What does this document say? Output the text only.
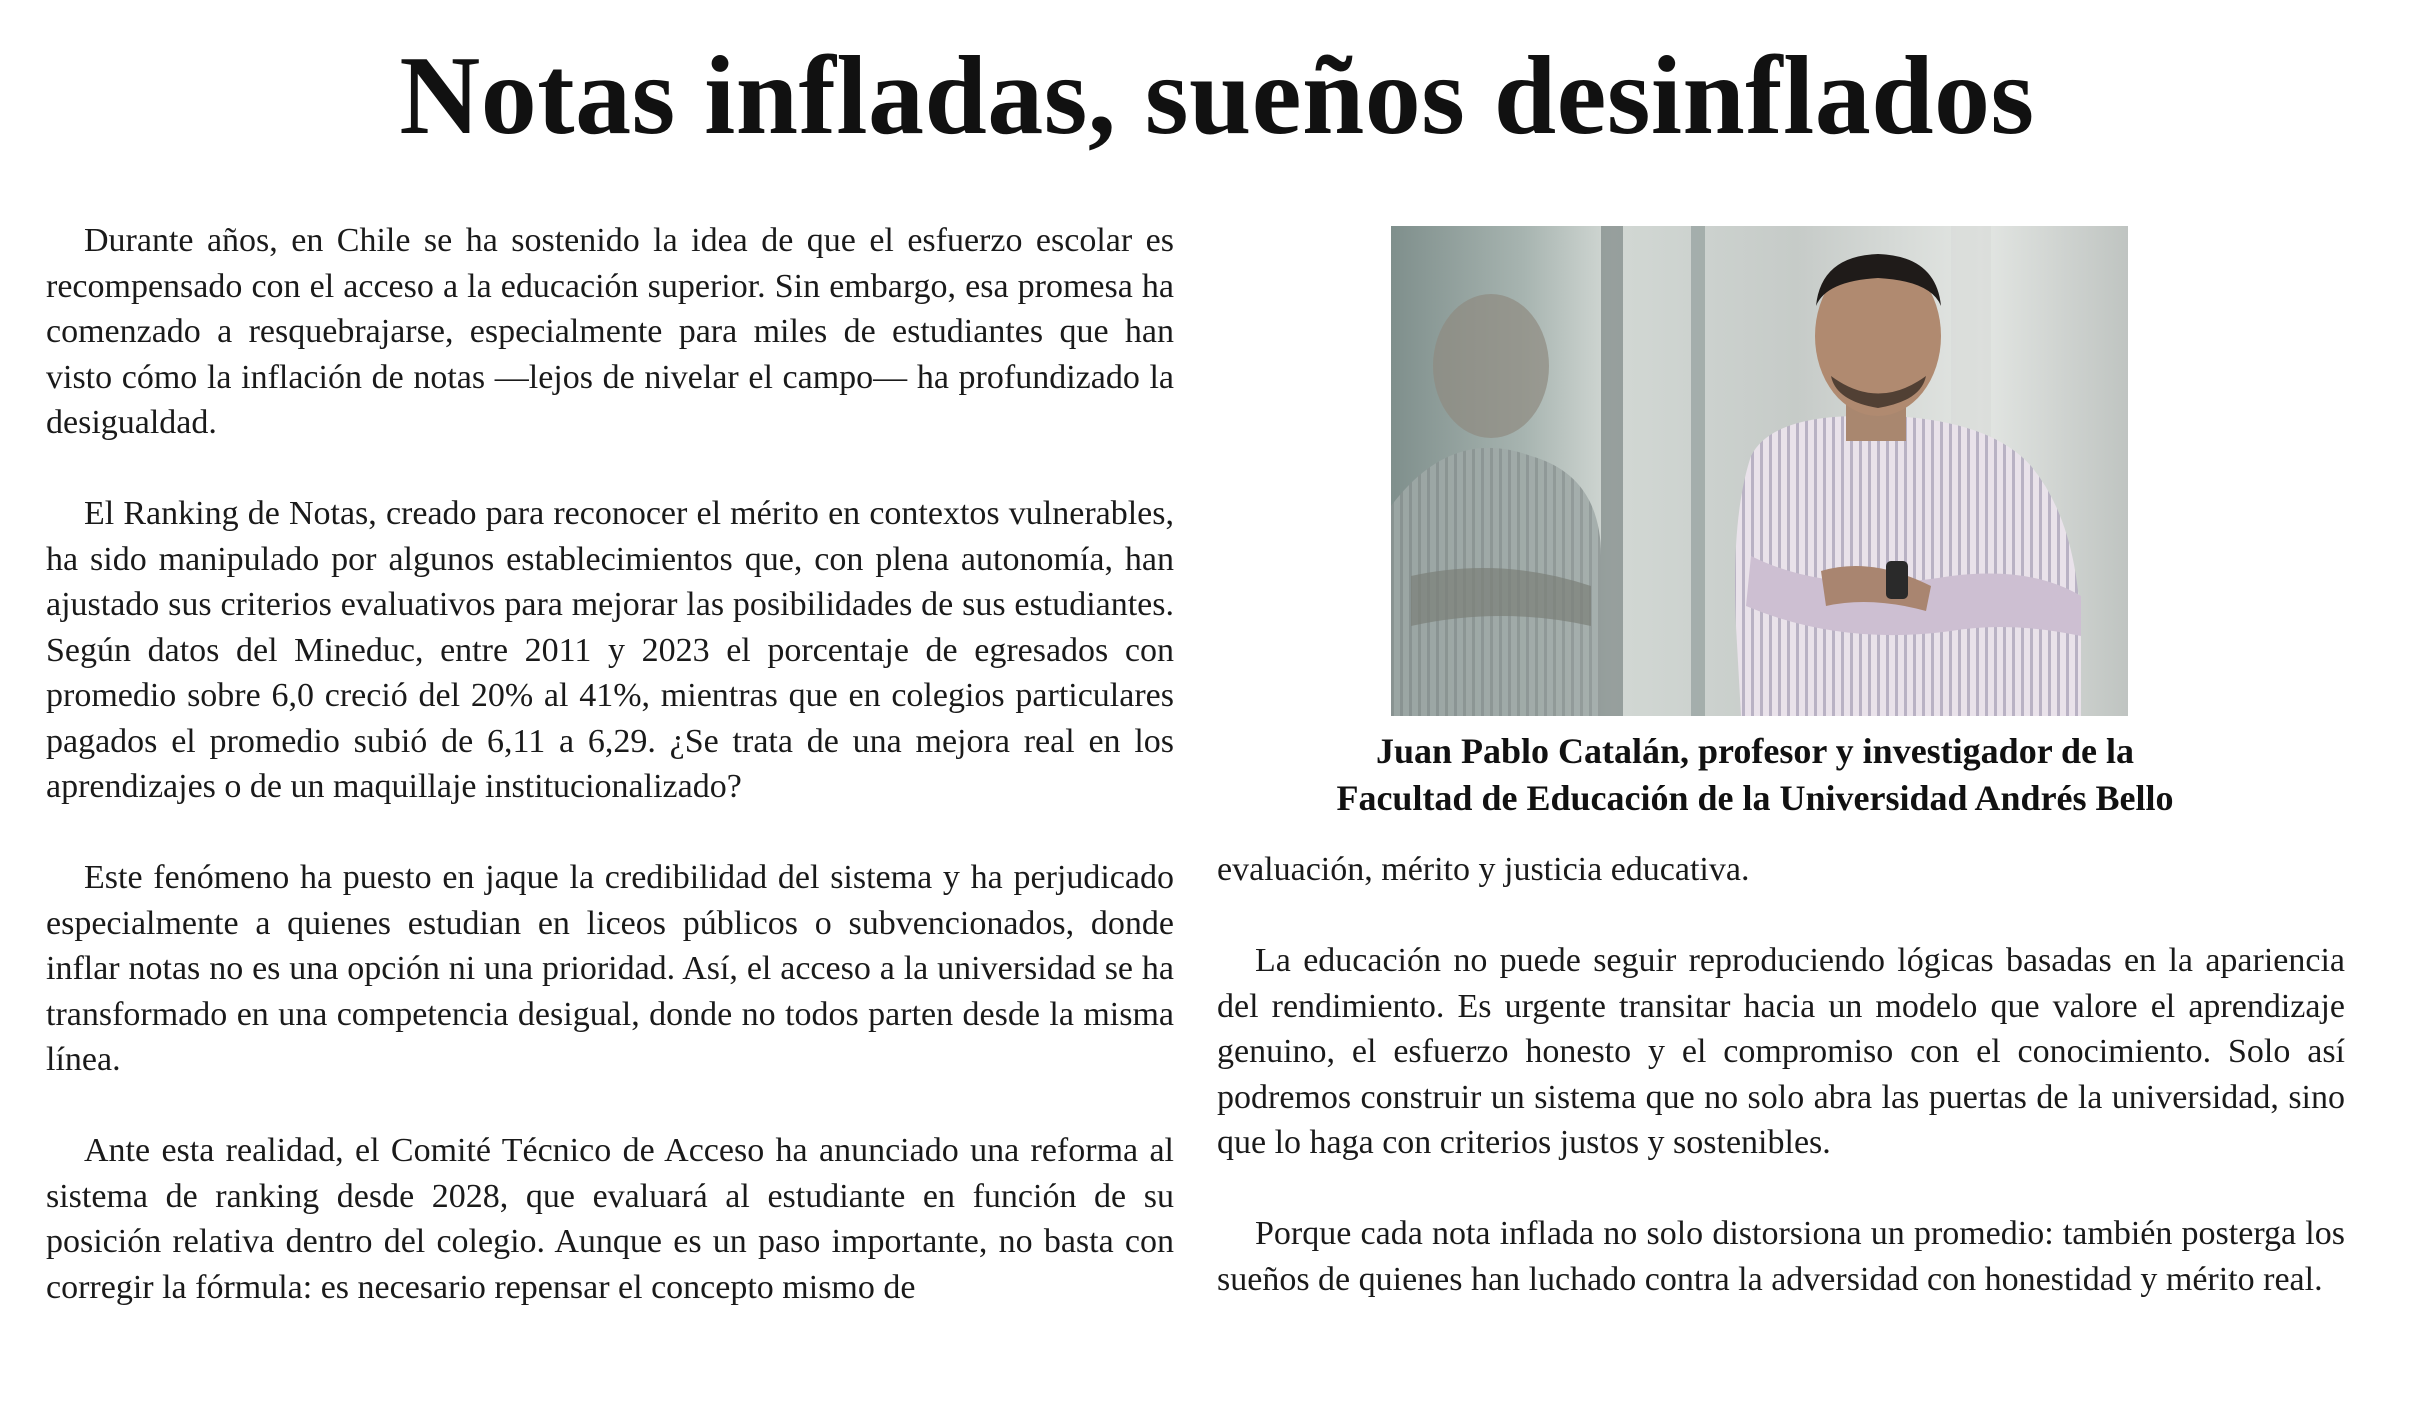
Notas infladas, sueños desinflados

Durante años, en Chile se ha sostenido la idea de que el esfuerzo escolar es recompensado con el acceso a la educación superior. Sin embargo, esa promesa ha comenzado a resquebrajarse, especialmente para miles de estudiantes que han visto cómo la inflación de notas —lejos de nivelar el campo— ha profundizado la desigualdad.

El Ranking de Notas, creado para reconocer el mérito en contextos vulnerables, ha sido manipulado por algunos establecimientos que, con plena autonomía, han ajustado sus criterios evaluativos para mejorar las posibilidades de sus estudiantes. Según datos del Mineduc, entre 2011 y 2023 el porcentaje de egresados con promedio sobre 6,0 creció del 20% al 41%, mientras que en colegios particulares pagados el promedio subió de 6,11 a 6,29. ¿Se trata de una mejora real en los aprendizajes o de un maquillaje institucionalizado?

Este fenómeno ha puesto en jaque la credibilidad del sistema y ha perjudicado especialmente a quienes estudian en liceos públicos o subvencionados, donde inflar notas no es una opción ni una prioridad. Así, el acceso a la universidad se ha transformado en una competencia desigual, donde no todos parten desde la misma línea.

Ante esta realidad, el Comité Técnico de Acceso ha anunciado una reforma al sistema de ranking desde 2028, que evaluará al estudiante en función de su posición relativa dentro del colegio. Aunque es un paso importante, no basta con corregir la fórmula: es necesario repensar el concepto mismo de

Juan Pablo Catalán, profesor y investigador de la
Facultad de Educación de la Universidad Andrés Bello

evaluación, mérito y justicia educativa.

La educación no puede seguir reproduciendo lógicas basadas en la apariencia del rendimiento. Es urgente transitar hacia un modelo que valore el aprendizaje genuino, el esfuerzo honesto y el compromiso con el conocimiento. Solo así podremos construir un sistema que no solo abra las puertas de la universidad, sino que lo haga con criterios justos y sostenibles.

Porque cada nota inflada no solo distorsiona un promedio: también posterga los sueños de quienes han luchado contra la adversidad con honestidad y mérito real.
